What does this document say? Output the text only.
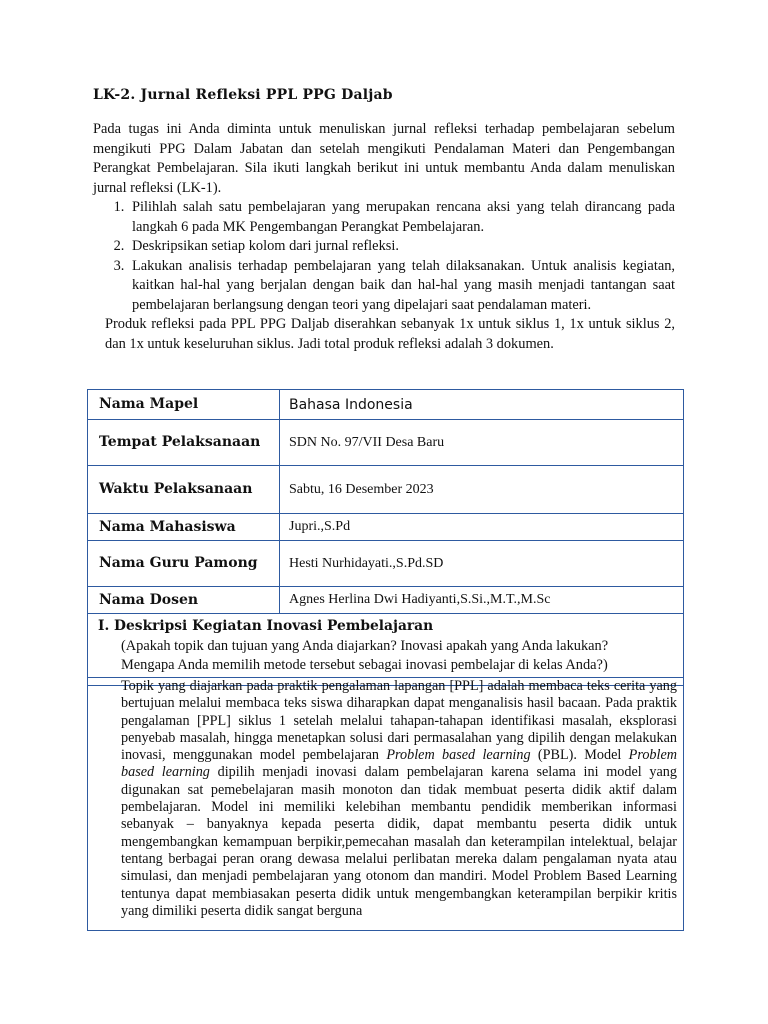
LK-2. Jurnal Refleksi PPL PPG Daljab

Pada tugas ini Anda diminta untuk menuliskan jurnal refleksi terhadap pembelajaran sebelum mengikuti PPG Dalam Jabatan dan setelah mengikuti Pendalaman Materi dan Pengembangan Perangkat Pembelajaran. Sila ikuti langkah berikut ini untuk membantu Anda dalam menuliskan jurnal refleksi (LK-1).

1. Pilihlah salah satu pembelajaran yang merupakan rencana aksi yang telah dirancang pada langkah 6 pada MK Pengembangan Perangkat Pembelajaran.
2. Deskripsikan setiap kolom dari jurnal refleksi.
3. Lakukan analisis terhadap pembelajaran yang telah dilaksanakan. Untuk analisis kegiatan, kaitkan hal-hal yang berjalan dengan baik dan hal-hal yang masih menjadi tantangan saat pembelajaran berlangsung dengan teori yang dipelajari saat pendalaman materi.

Produk refleksi pada PPL PPG Daljab diserahkan sebanyak 1x untuk siklus 1, 1x untuk siklus 2, dan 1x untuk keseluruhan siklus. Jadi total produk refleksi adalah 3 dokumen.

Nama Mapel	Bahasa Indonesia
Tempat Pelaksanaan	SDN No. 97/VII Desa Baru
Waktu Pelaksanaan	Sabtu, 16 Desember 2023
Nama Mahasiswa	Jupri.,S.Pd
Nama Guru Pamong	Hesti Nurhidayati.,S.Pd.SD
Nama Dosen	Agnes Herlina Dwi Hadiyanti,S.Si.,M.T.,M.Sc
I. Deskripsi Kegiatan Inovasi Pembelajaran
(Apakah topik dan tujuan yang Anda diajarkan? Inovasi apakah yang Anda lakukan? Mengapa Anda memilih metode tersebut sebagai inovasi pembelajar di kelas Anda?)

Topik yang diajarkan pada praktik pengalaman lapangan [PPL] adalah membaca teks cerita yang bertujuan melalui membaca teks siswa diharapkan dapat menganalisis hasil bacaan. Pada praktik pengalaman [PPL] siklus 1 setelah melalui tahapan-tahapan identifikasi masalah, eksplorasi penyebab masalah, hingga menetapkan solusi dari permasalahan yang dipilih dengan melakukan inovasi, menggunakan model pembelajaran Problem based learning (PBL). Model Problem based learning dipilih menjadi inovasi dalam pembelajaran karena selama ini model yang digunakan sat pemebelajaran masih monoton dan tidak membuat peserta didik aktif dalam pembelajaran. Model ini memiliki kelebihan membantu pendidik memberikan informasi sebanyak – banyaknya kepada peserta didik, dapat membantu peserta didik untuk mengembangkan kemampuan berpikir,pemecahan masalah dan keterampilan intelektual, belajar tentang berbagai peran orang dewasa melalui perlibatan mereka dalam pengalaman nyata atau simulasi, dan menjadi pembelajaran yang otonom dan mandiri. Model Problem Based Learning tentunya dapat membiasakan peserta didik untuk mengembangkan keterampilan berpikir kritis yang dimiliki peserta didik sangat berguna
